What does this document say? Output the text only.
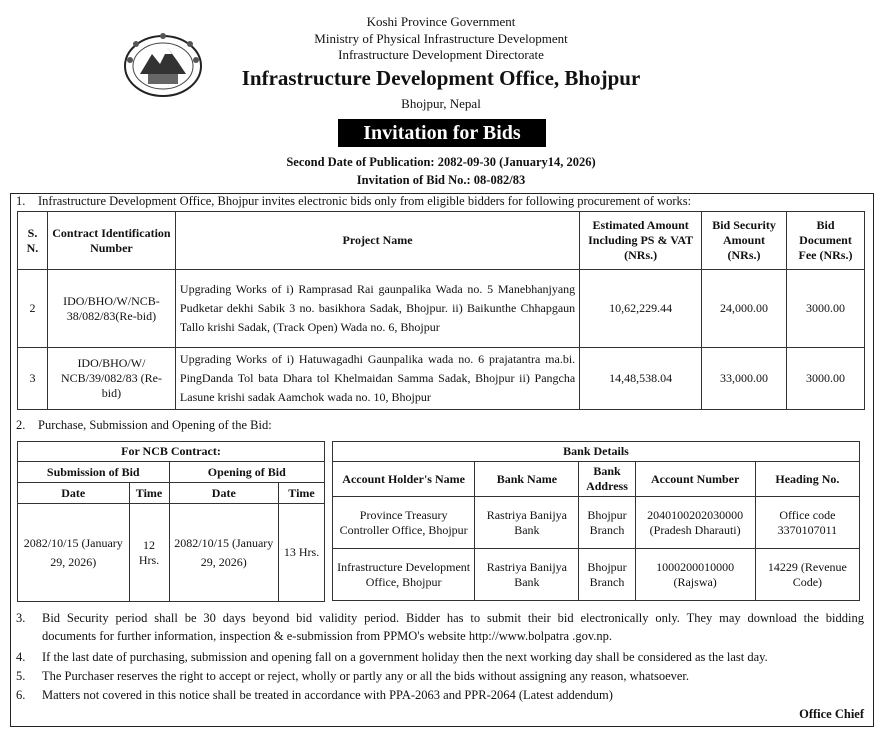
Koshi Province Government
Ministry of Physical Infrastructure Development
Infrastructure Development Directorate
Infrastructure Development Office, Bhojpur
Bhojpur, Nepal
Invitation for Bids
Second Date of Publication: 2082-09-30 (January14, 2026)
Invitation of Bid No.: 08-082/83
1. Infrastructure Development Office, Bhojpur invites electronic bids only from eligible bidders for following procurement of works:
S. N.	Contract Identification Number	Project Name	Estimated Amount Including PS & VAT (NRs.)	Bid Security Amount (NRs.)	Bid Document Fee (NRs.)
2	IDO/BHO/W/NCB-38/082/83(Re-bid)	Upgrading Works of i) Ramprasad Rai gaunpalika Wada no. 5 Manebhanjyang Pudketar dekhi Sabik 3 no. basikhora Sadak, Bhojpur. ii) Baikunthe Chhapgaun Tallo krishi Sadak, (Track Open) Wada no. 6, Bhojpur	10,62,229.44	24,000.00	3000.00
3	IDO/BHO/W/ NCB/39/082/83 (Re-bid)	Upgrading Works of i) Hatuwagadhi Gaunpalika wada no. 6 prajatantra ma.bi. PingDanda Tol bata Dhara tol Khelmaidan Samma Sadak, Bhojpur ii) Pangcha Lasune krishi sadak Aamchok wada no. 10, Bhojpur	14,48,538.04	33,000.00	3000.00
2. Purchase, Submission and Opening of the Bid:
For NCB Contract:			
Submission of Bid		Opening of Bid	
Date	Time	Date	Time
2082/10/15 (January 29, 2026)	12 Hrs.	2082/10/15 (January 29, 2026)	13 Hrs.
Bank Details				
Account Holder's Name	Bank Name	Bank Address	Account Number	Heading No.
Province Treasury Controller Office, Bhojpur	Rastriya Banijya Bank	Bhojpur Branch	2040100202030000 (Pradesh Dharauti)	Office code 3370107011
Infrastructure Development Office, Bhojpur	Rastriya Banijya Bank	Bhojpur Branch	1000200010000 (Rajswa)	14229 (Revenue Code)
3. Bid Security period shall be 30 days beyond bid validity period. Bidder has to submit their bid electronically only. They may download the bidding
documents for further information, inspection & e-submission from PPMO's website http://www.bolpatra .gov.np.
4. If the last date of purchasing, submission and opening fall on a government holiday then the next working day shall be considered as the last day.
5. The Purchaser reserves the right to accept or reject, wholly or partly any or all the bids without assigning any reason, whatsoever.
6. Matters not covered in this notice shall be treated in accordance with PPA-2063 and PPR-2064 (Latest addendum)
Office Chief
